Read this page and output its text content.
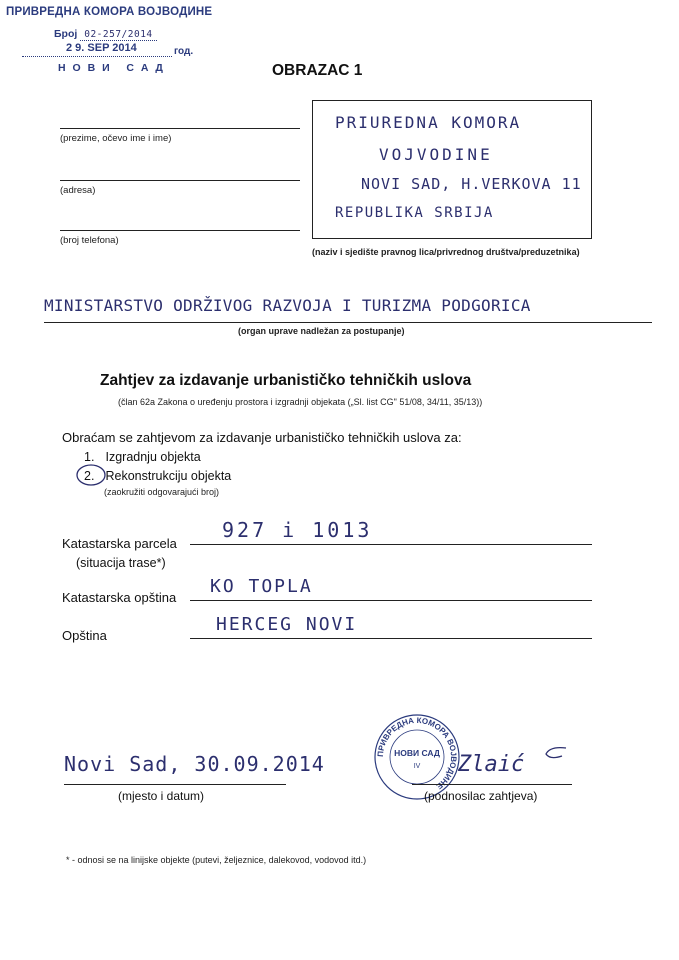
ПРИВРЕДНА КОМОРА ВОЈВОДИНЕ
Број 02-257/2014
2 9. SEP 2014	год.
Н О В И   С А Д	OBRAZAC 1
(prezime, očevo ime i ime)
(adresa)
(broj telefona)
PRIUREDNA KOMORA
VOJVODINE
NOVI SAD, H.VERKOVA 11
REPUBLIKA SRBIJA
(naziv i sjedište pravnog lica/privrednog društva/preduzetnika)
MINISTARSTVO ODRŽIVOG RAZVOJA I TURIZMA PODGORICA
(organ uprave nadležan za postupanje)
Zahtjev za izdavanje urbanističko tehničkih uslova
(član 62a Zakona o uređenju prostora i izgradnji objekata („Sl. list CG" 51/08, 34/11, 35/13))
Obraćam se zahtjevom za izdavanje urbanističko tehničkih uslova za:
1. Izgradnju objekta
2. Rekonstrukciju objekta
(zaokružiti odgovarajući broj)
Katastarska parcela
(situacija trase*)
927 i 1013
Katastarska opština
KO TOPLA
Opština
HERCEG NOVI
Novi Sad, 30.09.2014
(mjesto i datum)
ПРИВРЕДНА КОМОРА ВОЈВОДИНЕ
НОВИ САД
IV Zlaić
(podnosilac zahtjeva)
* - odnosi se na linijske objekte (putevi, željeznice, dalekovod, vodovod itd.)
